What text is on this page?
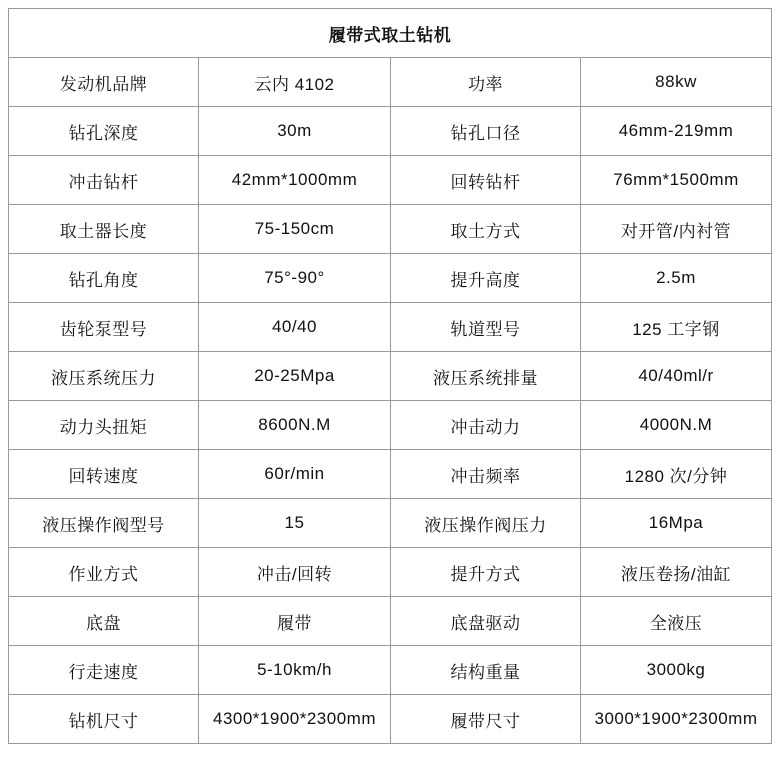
履带式取土钻机			
发动机品牌	云内 4102	功率	88kw
钻孔深度	30m	钻孔口径	46mm-219mm
冲击钻杆	42mm*1000mm	回转钻杆	76mm*1500mm
取土器长度	75-150cm	取土方式	对开管/内衬管
钻孔角度	75°-90°	提升高度	2.5m
齿轮泵型号	40/40	轨道型号	125 工字钢
液压系统压力	20-25Mpa	液压系统排量	40/40ml/r
动力头扭矩	8600N.M	冲击动力	4000N.M
回转速度	60r/min	冲击频率	1280 次/分钟
液压操作阀型号	15	液压操作阀压力	16Mpa
作业方式	冲击/回转	提升方式	液压卷扬/油缸
底盘	履带	底盘驱动	全液压
行走速度	5-10km/h	结构重量	3000kg
钻机尺寸	4300*1900*2300mm	履带尺寸	3000*1900*2300mm
